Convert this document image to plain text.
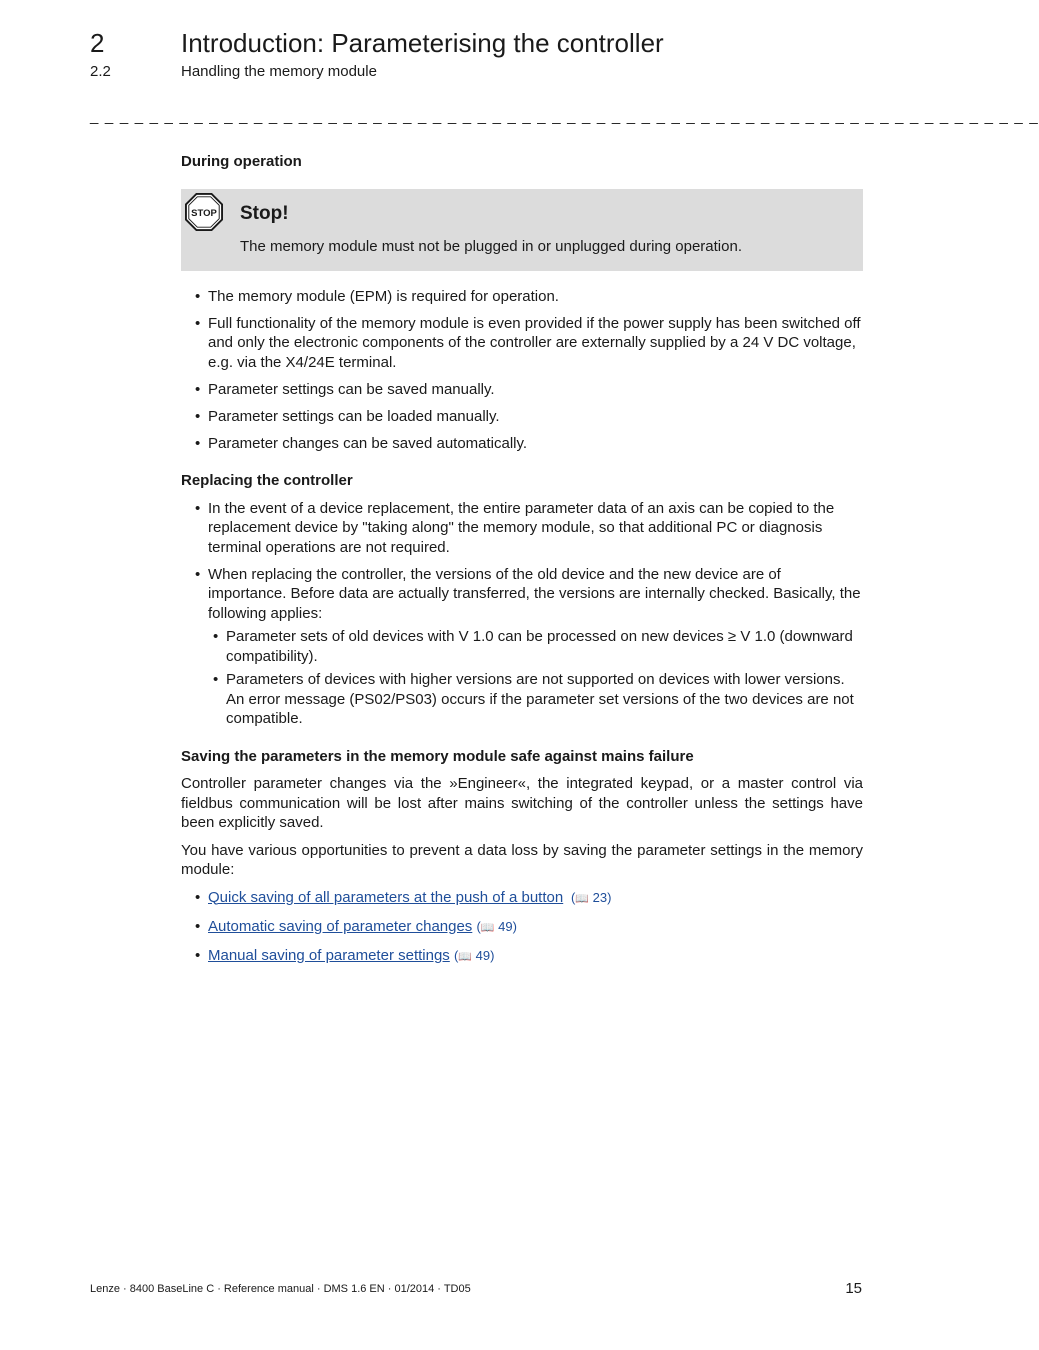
2	Introduction: Parameterising the controller
2.2	Handling the memory module
_ _ _ _ _ _ _ _ _ _ _ _ _ _ _ _ _ _ _ _ _ _ _ _ _ _ _ _ _ _ _ _ _ _ _ _ _ _ _ _ _ _ _ _ _ _ _ _ _ _ _ _ _ _ _ _ _ _ _ _ _ _ _ _
During operation
STOP Stop!
The memory module must not be plugged in or unplugged during operation.
• The memory module (EPM) is required for operation.
• Full functionality of the memory module is even provided if the power supply has been switched off and only the electronic components of the controller are externally supplied by a 24 V DC voltage, e.g. via the X4/24E terminal.
• Parameter settings can be saved manually.
• Parameter settings can be loaded manually.
• Parameter changes can be saved automatically.
Replacing the controller
• In the event of a device replacement, the entire parameter data of an axis can be copied to the replacement device by "taking along" the memory module, so that additional PC or diagnosis terminal operations are not required.
• When replacing the controller, the versions of the old device and the new device are of importance. Before data are actually transferred, the versions are internally checked. Basically, the following applies:
• Parameter sets of old devices with V 1.0 can be processed on new devices ≥ V 1.0 (downward compatibility).
• Parameters of devices with higher versions are not supported on devices with lower versions. An error message (PS02/PS03) occurs if the parameter set versions of the two devices are not compatible.
Saving the parameters in the memory module safe against mains failure

Controller parameter changes via the »Engineer«, the integrated keypad, or a master control via fieldbus communication will be lost after mains switching of the controller unless the settings have been explicitly saved.

You have various opportunities to prevent a data loss by saving the parameter settings in the memory module:

• Quick saving of all parameters at the push of a button  (📖 23)
• Automatic saving of parameter changes (📖 49)
• Manual saving of parameter settings (📖 49)
Lenze · 8400 BaseLine C · Reference manual · DMS 1.6 EN · 01/2014 · TD05	15
